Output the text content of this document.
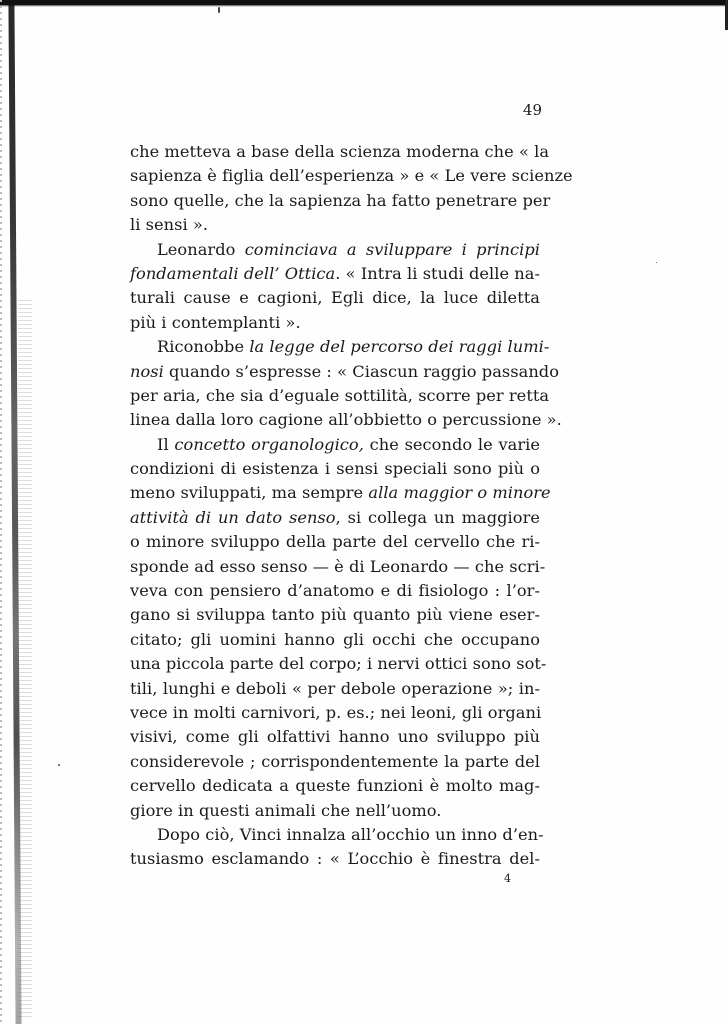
49
che metteva a base della scienza moderna che « la
sapienza è figlia dell’esperienza » e « Le vere scienze
sono quelle, che la sapienza ha fatto penetrare per
li sensi ».
Leonardo cominciava a sviluppare i principi
fondamentali dell’ Ottica. « Intra li studi delle na-
turali cause e cagioni, Egli dice, la luce diletta
più i contemplanti ».
Riconobbe la legge del percorso dei raggi lumi-
nosi quando s’espresse : « Ciascun raggio passando
per aria, che sia d’eguale sottilità, scorre per retta
linea dalla loro cagione all’obbietto o percussione ».
Il concetto organologico, che secondo le varie
condizioni di esistenza i sensi speciali sono più o
meno sviluppati, ma sempre alla maggior o minore
attività di un dato senso, si collega un maggiore
o minore sviluppo della parte del cervello che ri-
sponde ad esso senso — è di Leonardo — che scri-
veva con pensiero d’anatomo e di fisiologo : l’or-
gano si sviluppa tanto più quanto più viene eser-
citato; gli uomini hanno gli occhi che occupano
una piccola parte del corpo; i nervi ottici sono sot-
tili, lunghi e deboli « per debole operazione »; in-
vece in molti carnivori, p. es.; nei leoni, gli organi
visivi, come gli olfattivi hanno uno sviluppo più
considerevole ; corrispondentemente la parte del
cervello dedicata a queste funzioni è molto mag-
giore in questi animali che nell’uomo.
Dopo ciò, Vinci innalza all’occhio un inno d’en-
tusiasmo esclamando : « L’occhio è finestra del-
4
